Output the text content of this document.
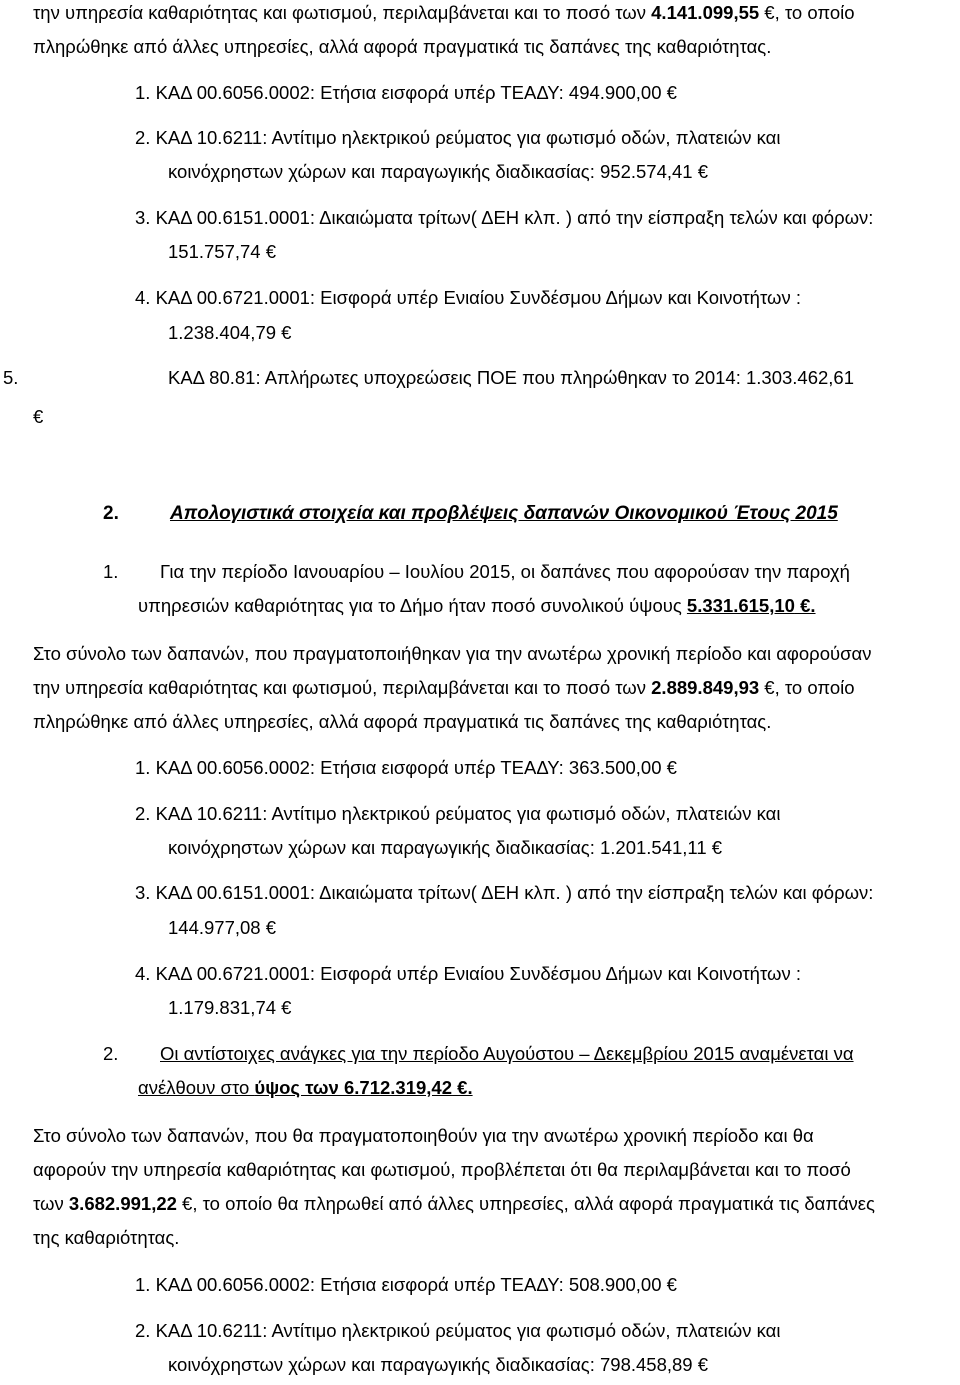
την υπηρεσία καθαριότητας και φωτισμού, περιλαμβάνεται και το ποσό των 4.141.099,55 €, το οποίο
πληρώθηκε από άλλες υπηρεσίες, αλλά αφορά πραγματικά τις δαπάνες της καθαριότητας.
1. ΚΑΔ 00.6056.0002: Ετήσια εισφορά υπέρ ΤΕΑΔΥ: 494.900,00 €
2. ΚΑΔ 10.6211: Αντίτιμο ηλεκτρικού ρεύματος για φωτισμό οδών, πλατειών και
κοινόχρηστων χώρων και παραγωγικής διαδικασίας: 952.574,41 €
3. ΚΑΔ 00.6151.0001: Δικαιώματα τρίτων( ΔΕΗ κλπ. ) από την είσπραξη τελών και φόρων:
151.757,74 €
4. ΚΑΔ 00.6721.0001: Εισφορά υπέρ Ενιαίου Συνδέσμου Δήμων και Κοινοτήτων :
1.238.404,79 €
5.	ΚΑΔ 80.81: Απλήρωτες υποχρεώσεις ΠΟΕ που πληρώθηκαν το 2014: 1.303.462,61
€
2.	Απολογιστικά στοιχεία και προβλέψεις δαπανών Οικονομικού Έτους 2015
1. Για την περίοδο Ιανουαρίου – Ιουλίου 2015, οι δαπάνες που αφορούσαν την παροχή
υπηρεσιών καθαριότητας για το Δήμο ήταν ποσό συνολικού ύψους 5.331.615,10 €.
Στο σύνολο των δαπανών, που πραγματοποιήθηκαν για την ανωτέρω χρονική περίοδο και αφορούσαν
την υπηρεσία καθαριότητας και φωτισμού, περιλαμβάνεται και το ποσό των 2.889.849,93 €, το οποίο
πληρώθηκε από άλλες υπηρεσίες, αλλά αφορά πραγματικά τις δαπάνες της καθαριότητας.
1. ΚΑΔ 00.6056.0002: Ετήσια εισφορά υπέρ ΤΕΑΔΥ: 363.500,00 €
2. ΚΑΔ 10.6211: Αντίτιμο ηλεκτρικού ρεύματος για φωτισμό οδών, πλατειών και
κοινόχρηστων χώρων και παραγωγικής διαδικασίας: 1.201.541,11 €
3. ΚΑΔ 00.6151.0001: Δικαιώματα τρίτων( ΔΕΗ κλπ. ) από την είσπραξη τελών και φόρων:
144.977,08 €
4. ΚΑΔ 00.6721.0001: Εισφορά υπέρ Ενιαίου Συνδέσμου Δήμων και Κοινοτήτων :
1.179.831,74 €
2. Οι αντίστοιχες ανάγκες για την περίοδο Αυγούστου – Δεκεμβρίου 2015 αναμένεται να
ανέλθουν στο ύψος των 6.712.319,42 €.
Στο σύνολο των δαπανών, που θα πραγματοποιηθούν για την ανωτέρω χρονική περίοδο και θα
αφορούν την υπηρεσία καθαριότητας και φωτισμού, προβλέπεται ότι θα περιλαμβάνεται και το ποσό
των 3.682.991,22 €, το οποίο θα πληρωθεί από άλλες υπηρεσίες, αλλά αφορά πραγματικά τις δαπάνες
της καθαριότητας.
1. ΚΑΔ 00.6056.0002: Ετήσια εισφορά υπέρ ΤΕΑΔΥ: 508.900,00 €
2. ΚΑΔ 10.6211: Αντίτιμο ηλεκτρικού ρεύματος για φωτισμό οδών, πλατειών και
κοινόχρηστων χώρων και παραγωγικής διαδικασίας: 798.458,89 €
